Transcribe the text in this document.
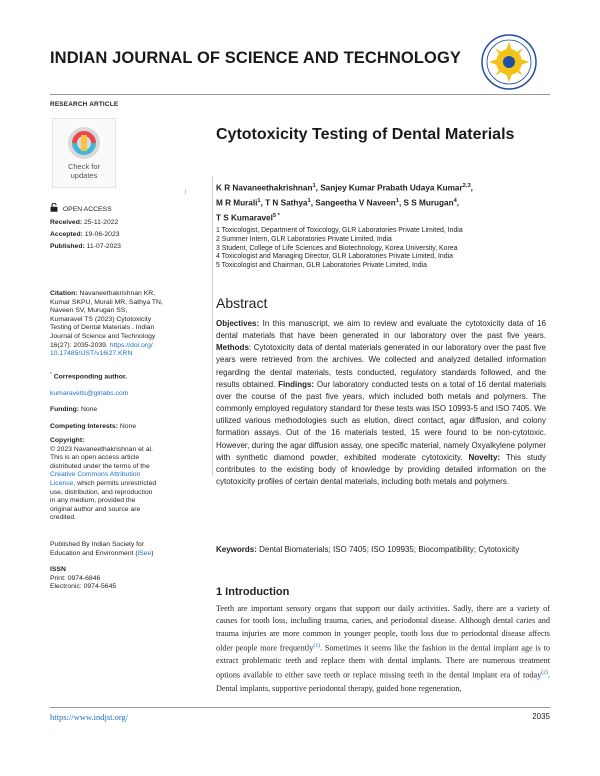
INDIAN JOURNAL OF SCIENCE AND TECHNOLOGY
RESEARCH ARTICLE
Check for
updates
OPEN ACCESS
Received: 25-11-2022
Accepted: 19-06-2023
Published: 11-07-2023
Citation: Navaneethakrishnan KR,
Kumar SKPU, Murali MR, Sathya TN,
Naveen SV, Murugan SS,
Kumaravel TS (2023) Cytotoxicity
Testing of Dental Materials . Indian
Journal of Science and Technology
16(27): 2035-2039. https://doi.org/
10.17485/IJST/v16i27.KRN
* Corresponding author.
kumaravelts@glrlabs.com
Funding: None
Competing Interests: None
Copyright:
© 2023 Navaneethakrishnan et al.
This is an open access article
distributed under the terms of the
Creative Commons Attribution
License, which permits unrestricted
use, distribution, and reproduction
in any medium, provided the
original author and source are
credited.
Published By Indian Society for
Education and Environment (iSee)
ISSN
Print: 0974-6846
Electronic: 0974-5645
Cytotoxicity Testing of Dental Materials
K R Navaneethakrishnan$^1$, Sanjey Kumar Prabath Udaya Kumar$^{2,3}$,
M R Murali$^1$, T N Sathya$^1$, Sangeetha V Naveen$^1$, S S Murugan$^4$,
T S Kumaravel$^{5 *}$
1 Toxicologist, Department of Toxicology, GLR Laboratories Private Limited, India
2 Summer Intern, GLR Laboratories Private Limited, India
3 Student, College of Life Sciences and Biotechnology, Korea University, Korea
4 Toxicologist and Managing Director, GLR Laboratories Private Limited, India
5 Toxicologist and Chairman, GLR Laboratories Private Limited, India
Abstract
Objectives: In this manuscript, we aim to review and evaluate the cytotoxicity data of 16 dental materials that have been generated in our laboratory over the past five years. Methods: Cytotoxicity data of dental materials generated in our laboratory over the past five years were retrieved from the archives. We collected and analyzed detailed information regarding the dental materials, tests conducted, regulatory standards followed, and the results obtained. Findings: Our laboratory conducted tests on a total of 16 dental materials over the course of the past five years, which included both metals and polymers. The commonly employed regulatory standard for these tests was ISO 10993-5 and ISO 7405. We utilized various methodologies such as elution, direct contact, agar diffusion, and colony formation assays. Out of the 16 materials tested, 15 were found to be non-cytotoxic. However, during the agar diffusion assay, one specific material, namely Oxyalkylene polymer with synthetic diamond powder, exhibited moderate cytotoxicity. Novelty: This study contributes to the existing body of knowledge by providing detailed information on the cytotoxicity profiles of certain dental materials, including both metals and polymers.
Keywords: Dental Biomaterials; ISO 7405; ISO 109935; Biocompatibility; Cytotoxicity
1 Introduction
Teeth are important sensory organs that support our daily activities. Sadly, there are a variety of causes for tooth loss, including trauma, caries, and periodontal disease. Although dental caries and trauma injuries are more common in younger people, tooth loss due to periodontal disease affects older people more frequently$^{(1)}$. Sometimes it seems like the fashion in the dental implant age is to extract problematic teeth and replace them with dental implants. There are numerous treatment options available to either save teeth or replace missing teeth in the dental implant era of today$^{(2)}$. Dental implants, supportive periodontal therapy, guided bone regeneration,
https://www.indjst.org/	2035
